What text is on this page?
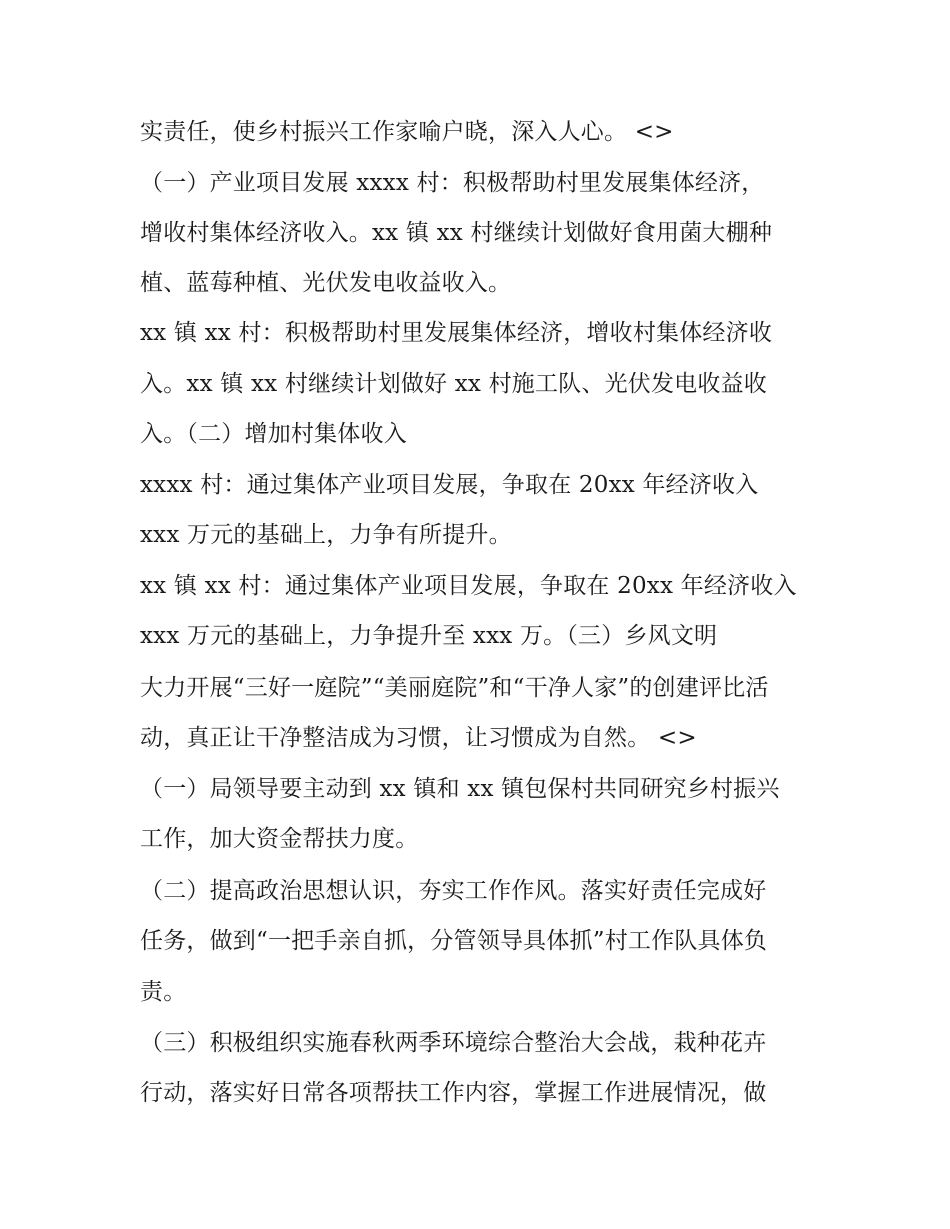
实责任，使乡村振兴工作家喻户晓，深入人心。 <>
（一）产业项目发展 xxxx 村：积极帮助村里发展集体经济，
增收村集体经济收入。xx 镇 xx 村继续计划做好食用菌大棚种
植、蓝莓种植、光伏发电收益收入。
xx 镇 xx 村：积极帮助村里发展集体经济，增收村集体经济收
入。xx 镇 xx 村继续计划做好 xx 村施工队、光伏发电收益收
入。（二）增加村集体收入
xxxx 村：通过集体产业项目发展，争取在 20xx 年经济收入
xxx 万元的基础上，力争有所提升。
xx 镇 xx 村：通过集体产业项目发展，争取在 20xx 年经济收入
xxx 万元的基础上，力争提升至 xxx 万。（三）乡风文明
大力开展“三好一庭院”“美丽庭院”和“干净人家”的创建评比活
动，真正让干净整洁成为习惯，让习惯成为自然。 <>
（一）局领导要主动到 xx 镇和 xx 镇包保村共同研究乡村振兴
工作，加大资金帮扶力度。
（二）提高政治思想认识，夯实工作作风。落实好责任完成好
任务，做到“一把手亲自抓，分管领导具体抓”村工作队具体负
责。
（三）积极组织实施春秋两季环境综合整治大会战，栽种花卉
行动，落实好日常各项帮扶工作内容，掌握工作进展情况，做
